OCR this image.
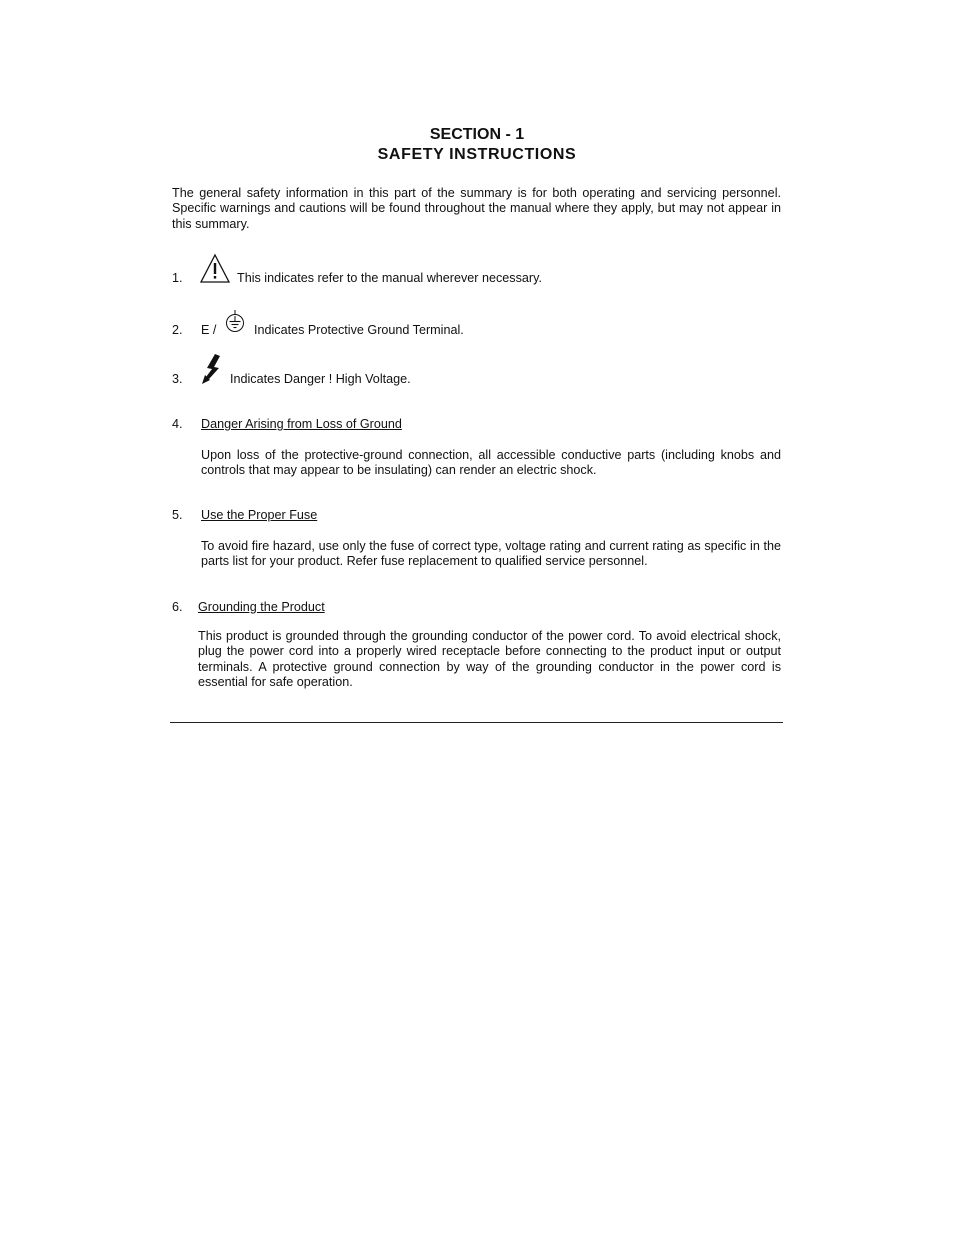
SECTION - 1
SAFETY INSTRUCTIONS
The general safety information in this part of the summary is for both operating and servicing personnel. Specific warnings and cautions will be found throughout the manual where they apply, but may not appear in this summary.
1.	This indicates refer to the manual wherever necessary.
2.	E /	Indicates Protective Ground Terminal.
3.	Indicates Danger ! High Voltage.
4.	Danger Arising from Loss of Ground
Upon loss of the protective-ground connection, all accessible conductive parts (including knobs and controls that may appear to be insulating) can render an electric shock.
5.	Use the Proper Fuse
To avoid fire hazard, use only the fuse of correct type, voltage rating and current rating as specific in the parts list for your product. Refer fuse replacement to qualified service personnel.
6.	Grounding the Product
This product is grounded through the grounding conductor of the power cord. To avoid electrical shock, plug the power cord into a properly wired receptacle before connecting to the product input or output terminals. A protective ground connection by way of the grounding conductor in the power cord is essential for safe operation.
